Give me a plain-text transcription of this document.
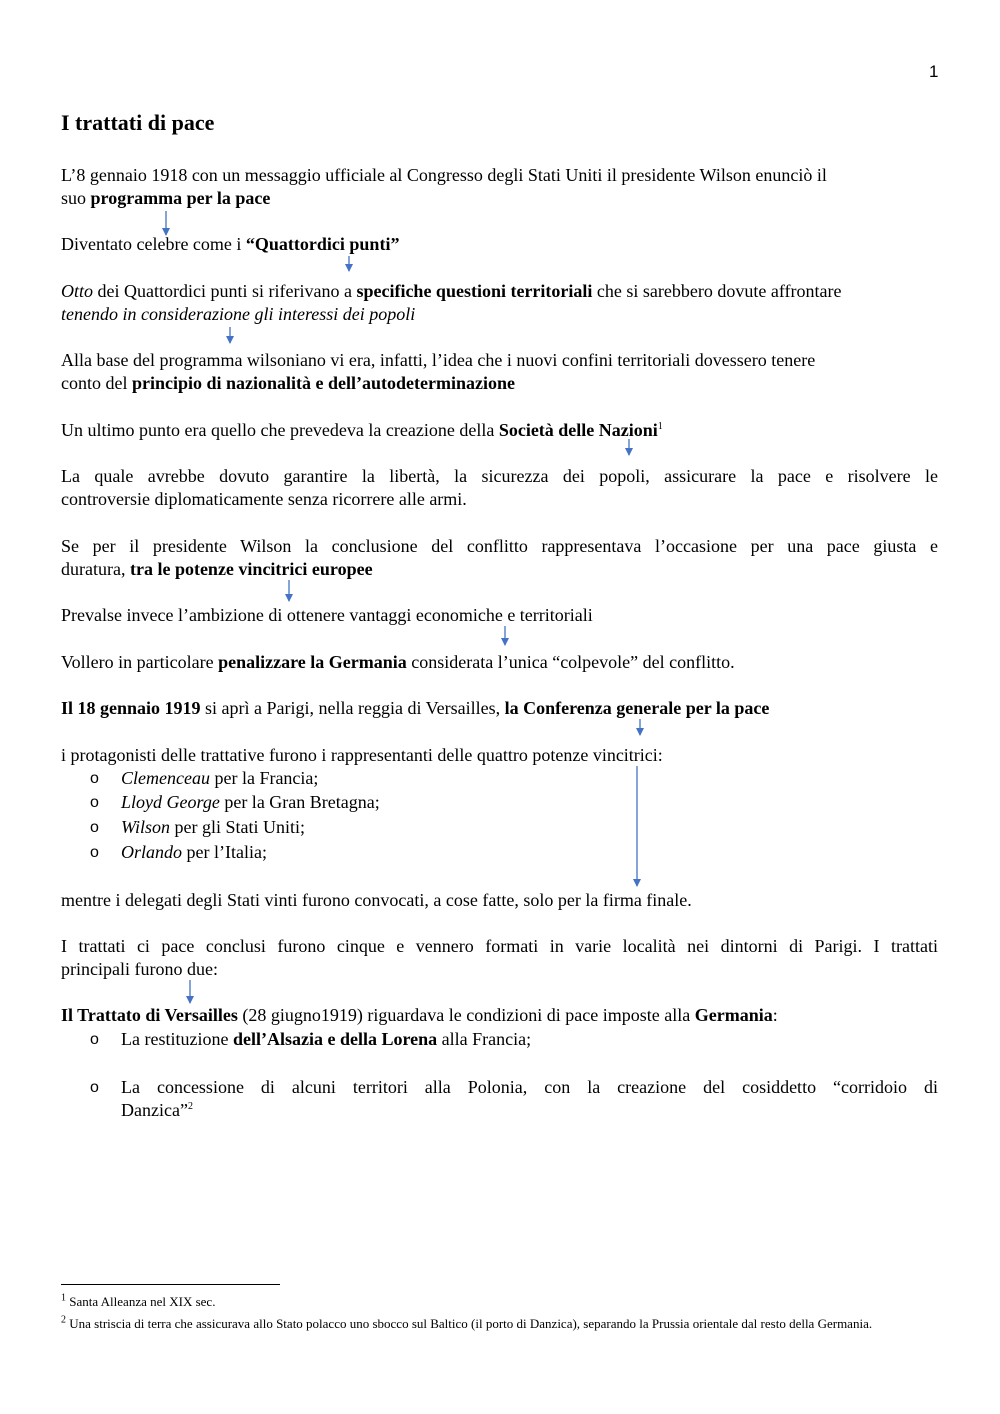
1
I trattati di pace
L’8 gennaio 1918 con un messaggio ufficiale al Congresso degli Stati Uniti il presidente Wilson enunciò il
suo programma per la pace
Diventato celebre come i “Quattordici punti”
Otto dei Quattordici punti si riferivano a specifiche questioni territoriali che si sarebbero dovute affrontare
tenendo in considerazione gli interessi dei popoli
Alla base del programma wilsoniano vi era, infatti, l’idea che i nuovi confini territoriali dovessero tenere
conto del principio di nazionalità e dell’autodeterminazione
Un ultimo punto era quello che prevedeva la creazione della Società delle Nazioni$^1$
La quale avrebbe dovuto garantire la libertà, la sicurezza dei popoli, assicurare la pace e risolvere le
controversie diplomaticamente senza ricorrere alle armi.
Se per il presidente Wilson la conclusione del conflitto rappresentava l’occasione per una pace giusta e
duratura, tra le potenze vincitrici europee
Prevalse invece l’ambizione di ottenere vantaggi economiche e territoriali
Vollero in particolare penalizzare la Germania considerata l’unica “colpevole” del conflitto.
Il 18 gennaio 1919 si aprì a Parigi, nella reggia di Versailles, la Conferenza generale per la pace
i protagonisti delle trattative furono i rappresentanti delle quattro potenze vincitrici:
o Clemenceau per la Francia;
o Lloyd George per la Gran Bretagna;
o Wilson per gli Stati Uniti;
o Orlando per l’Italia;
mentre i delegati degli Stati vinti furono convocati, a cose fatte, solo per la firma finale.
I trattati ci pace conclusi furono cinque e vennero formati in varie località nei dintorni di Parigi. I trattati
principali furono due:
Il Trattato di Versailles (28 giugno1919) riguardava le condizioni di pace imposte alla Germania:
o La restituzione dell’Alsazia e della Lorena alla Francia;
o La concessione di alcuni territori alla Polonia, con la creazione del cosiddetto “corridoio di
Danzica”$^2$
$^1$ Santa Alleanza nel XIX sec.
$^2$ Una striscia di terra che assicurava allo Stato polacco uno sbocco sul Baltico (il porto di Danzica), separando la Prussia orientale dal resto della Germania.
